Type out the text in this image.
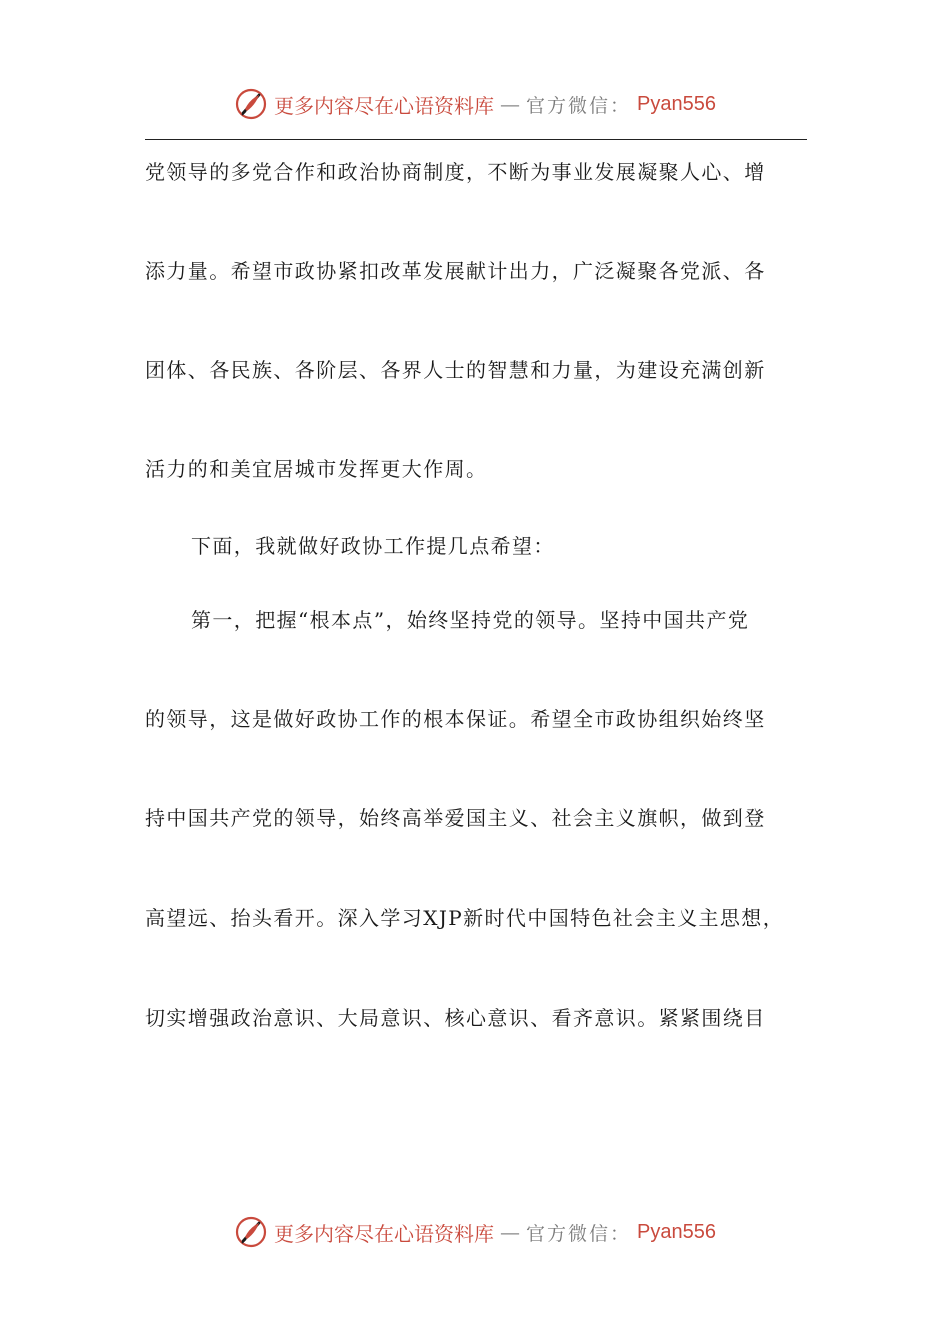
更多内容尽在心语资料库 — 官方微信： Pyan556
党领导的多党合作和政治协商制度，不断为事业发展凝聚人心、增
添力量。希望市政协紧扣改革发展献计出力，广泛凝聚各党派、各
团体、各民族、各阶层、各界人士的智慧和力量，为建设充满创新
活力的和美宜居城市发挥更大作周。
下面，我就做好政协工作提几点希望：
第一，把握“根本点”，始终坚持党的领导。坚持中国共产党
的领导，这是做好政协工作的根本保证。希望全市政协组织始终坚
持中国共产党的领导，始终高举爱国主义、社会主义旗帜，做到登
高望远、抬头看开。深入学习XJP新时代中国特色社会主义主思想，
切实增强政治意识、大局意识、核心意识、看齐意识。紧紧围绕目
更多内容尽在心语资料库 — 官方微信： Pyan556
